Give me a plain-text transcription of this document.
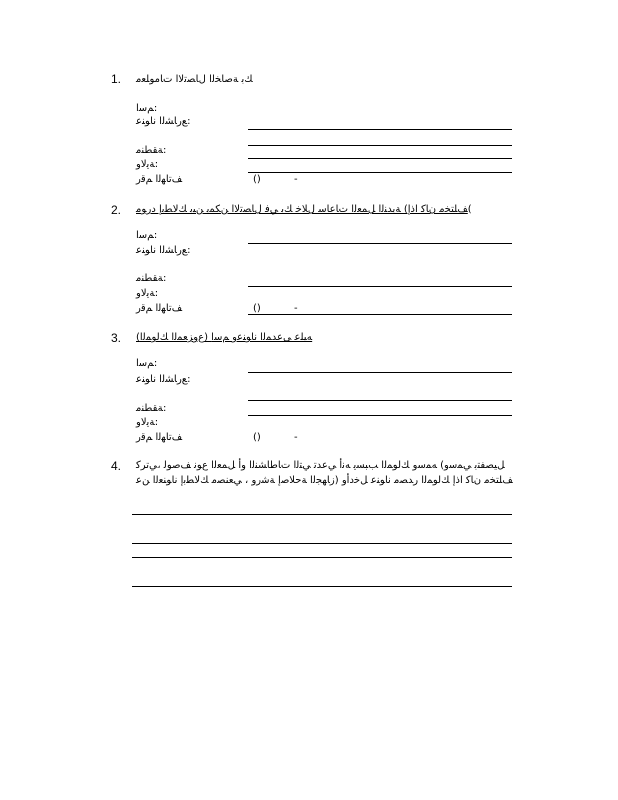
1. ﻚﺑ ﺔﺻﺎﺨﻟا لﺎﺼﺗﻻا تﺎﻣﻮﻠﻌﻣ
ﻢﺳا:
ﻊﺭﺎﺸﻟا ناﻮﻨﻋ:
ﺔﻘﻄﻨﻣ:
ﺔﻳﻻﻭ:
ﻒﺗﺎﻬﻟا ﻢﻗر	()	-
2. ﻒﻠﺘﺨﻣ ﻥﺎﻛ اذإ) ﺔﻳﺪﻨﻟا ﻞﻤﻌﻟا تﺎﻋﺎﺳ لﻼﺧ ﻚﺑ ﻲﻓ لﺎﺼﺗﻻا ﻦﻜﻤﻳ ﻦﻴﺑ ﻚﻟﺎﻄﺑإ ﺩﺭﻮﻣ(
ﻢﺳا:
ﻊﺭﺎﺸﻟا ناﻮﻨﻋ:
ﺔﻘﻄﻨﻣ:
ﺔﻳﻻﻭ:
ﻒﺗﺎﻬﻟا ﻢﻗر	()	-
3. (ﻉﻭﺰﻌﻤﻟا ﻚﻟﻮﻤﻟا) ﻪﻴﻠﻋ ﻰﻋﺪﻤﻟا ناﻮﻨﻋﻭ ﻢﺳا
ﻢﺳا:
ﻊﺭﺎﺸﻟا ناﻮﻨﻋ:
ﺔﻘﻄﻨﻣ:
ﺔﻳﻻﻭ:
ﻒﺗﺎﻬﻟا ﻢﻗر	()	-
4. ﻞﻴﺼﻔﺘﺑ ﻲﻤﺳﻭ) ﻪﻤﺳﻭ ﻚﻟﻮﻤﻟا ﺐﺒﺴﻳ ﻪﻧأ ﻲﻋﺪﺗ ﻲﺘﻟا تﺎﻃﺎﺸﻨﻟا وأ ﻞﻤﻌﻟا عﻮﻧ ﻒﺻﻮﻟ ،ﻲﺗﺮﻛ
ﻒﻠﺘﺨﻣ ﻥﺎﻛ اذإ ﻚﻟﻮﻤﻟا ﺭﺪﺼﻣ ناﻮﻨﻋ ﻞﺧﺩأﻭ (ﺯﺎﻬﺠﻟا ﺔﺣﻼﺻإ ﺔﺷﺭﻭ ، ﻲﻌﻨﺼﻣ ﻚﻟﺎﻄﺑإ ناﻮﻨﻌﻟا ﻦﻋ
